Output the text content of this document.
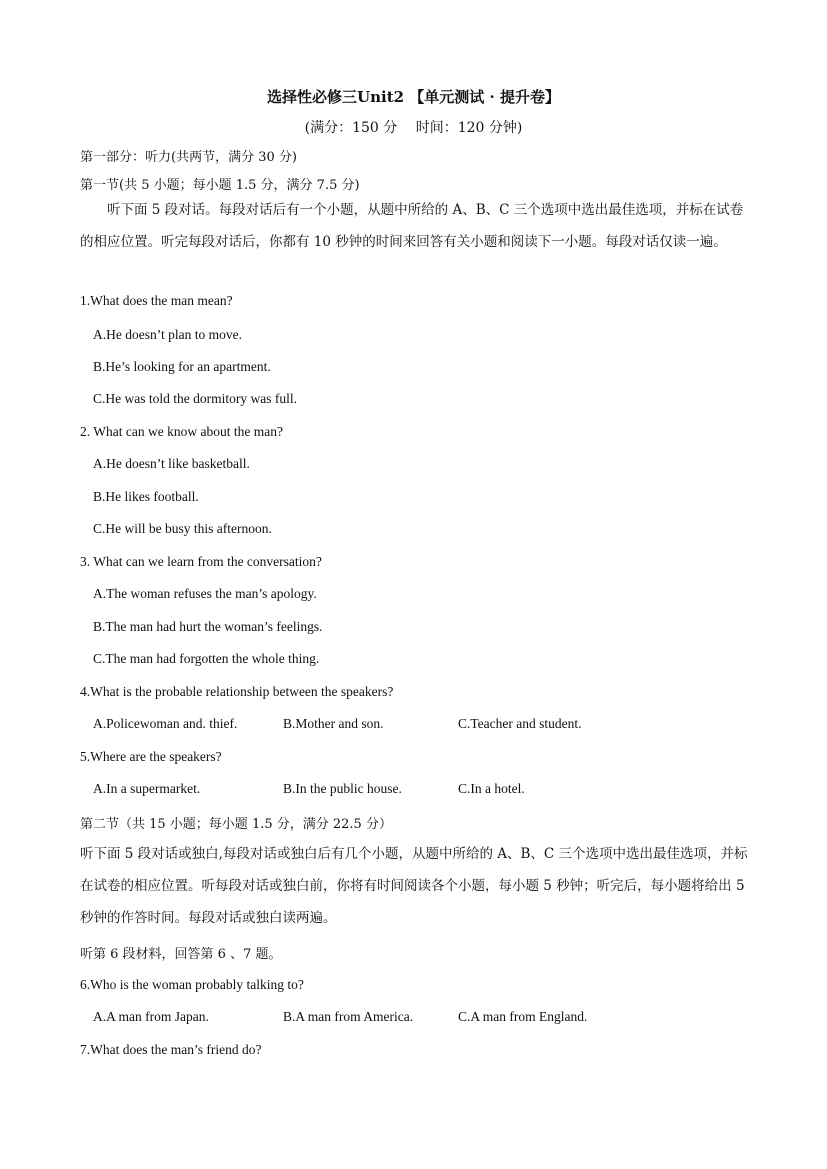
选择性必修三Unit2 【单元测试 · 提升卷】
(满分：150 分　 时间：120 分钟)
第一部分：听力(共两节，满分 30 分)
第一节(共 5 小题；每小题 1.5 分，满分 7.5 分)
听下面 5 段对话。每段对话后有一个小题，从题中所给的 A、B、C 三个选项中选出最佳选项，并标在试卷的相应位置。听完每段对话后，你都有 10 秒钟的时间来回答有关小题和阅读下一小题。每段对话仅读一遍。
1.What does the man mean?
A.He doesn’t plan to move.
B.He’s looking for an apartment.
C.He was told the dormitory was full.
2. What can we know about the man?
A.He doesn’t like basketball.
B.He likes football.
C.He will be busy this afternoon.
3. What can we learn from the conversation?
A.The woman refuses the man’s apology.
B.The man had hurt the woman’s feelings.
C.The man had forgotten the whole thing.
4.What is the probable relationship between the speakers?
A.Policewoman and. thief.	B.Mother and son.	C.Teacher and student.
5.Where are the speakers?
A.In a supermarket.	B.In the public house.	C.In a hotel.
第二节（共 15 小题；每小题 1.5 分，满分 22.5 分）
听下面 5 段对话或独白,每段对话或独白后有几个小题，从题中所给的 A、B、C 三个选项中选出最佳选项，并标在试卷的相应位置。听每段对话或独白前，你将有时间阅读各个小题，每小题 5 秒钟；听完后，每小题将给出 5 秒钟的作答时间。每段对话或独白读两遍。
听第 6 段材料，回答第 6 、7 题。
6.Who is the woman probably talking to?
A.A man from Japan.	B.A man from America.	C.A man from England.
7.What does the man’s friend do?
